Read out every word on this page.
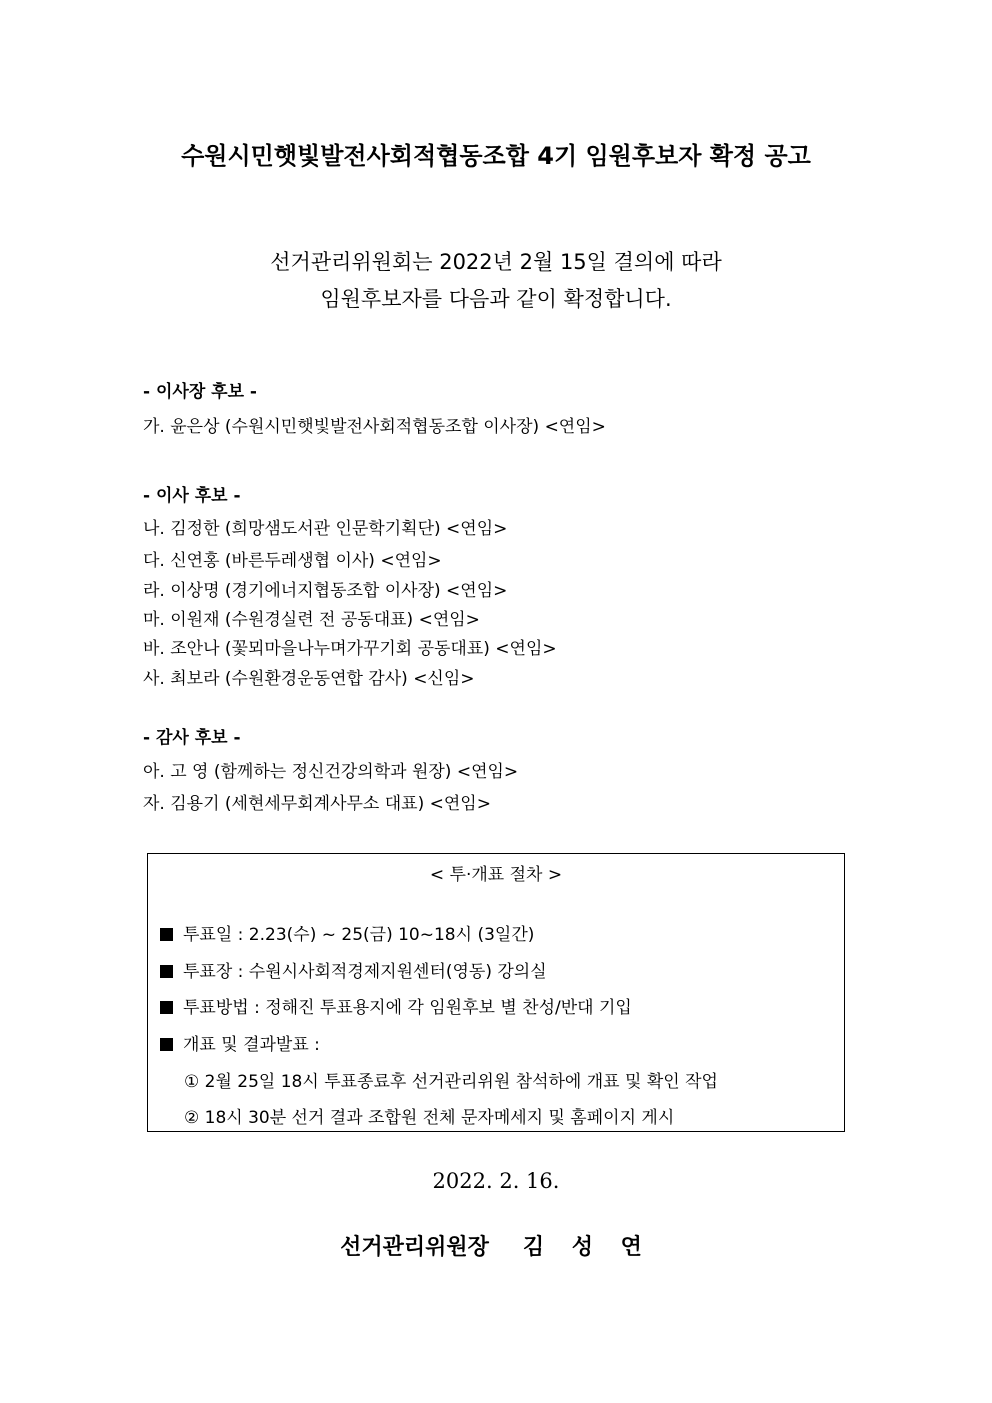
수원시민햇빛발전사회적협동조합 4기 임원후보자 확정 공고
선거관리위원회는 2022년 2월 15일 결의에 따라
임원후보자를 다음과 같이 확정합니다.
- 이사장 후보 -
가. 윤은상 (수원시민햇빛발전사회적협동조합 이사장) <연임>
- 이사 후보 -
나. 김정한 (희망샘도서관 인문학기획단) <연임>
다. 신연홍 (바른두레생협 이사) <연임>
라. 이상명 (경기에너지협동조합 이사장) <연임>
마. 이원재 (수원경실련 전 공동대표) <연임>
바. 조안나 (꽃뫼마을나누며가꾸기회 공동대표) <연임>
사. 최보라 (수원환경운동연합 감사) <신임>
- 감사 후보 -
아. 고 영 (함께하는 정신건강의학과 원장) <연임>
자. 김용기 (세현세무회계사무소 대표) <연임>
< 투·개표 절차 >
투표일 : 2.23(수) ~ 25(금) 10~18시 (3일간)
투표장 : 수원시사회적경제지원센터(영동) 강의실
투표방법 : 정해진 투표용지에 각 임원후보 별 찬성/반대 기입
개표 및 결과발표 :
① 2월 25일 18시 투표종료후 선거관리위원 참석하에 개표 및 확인 작업
② 18시 30분 선거 결과 조합원 전체 문자메세지 및 홈페이지 게시
2022. 2. 16.
선거관리위원장 김 성 연
